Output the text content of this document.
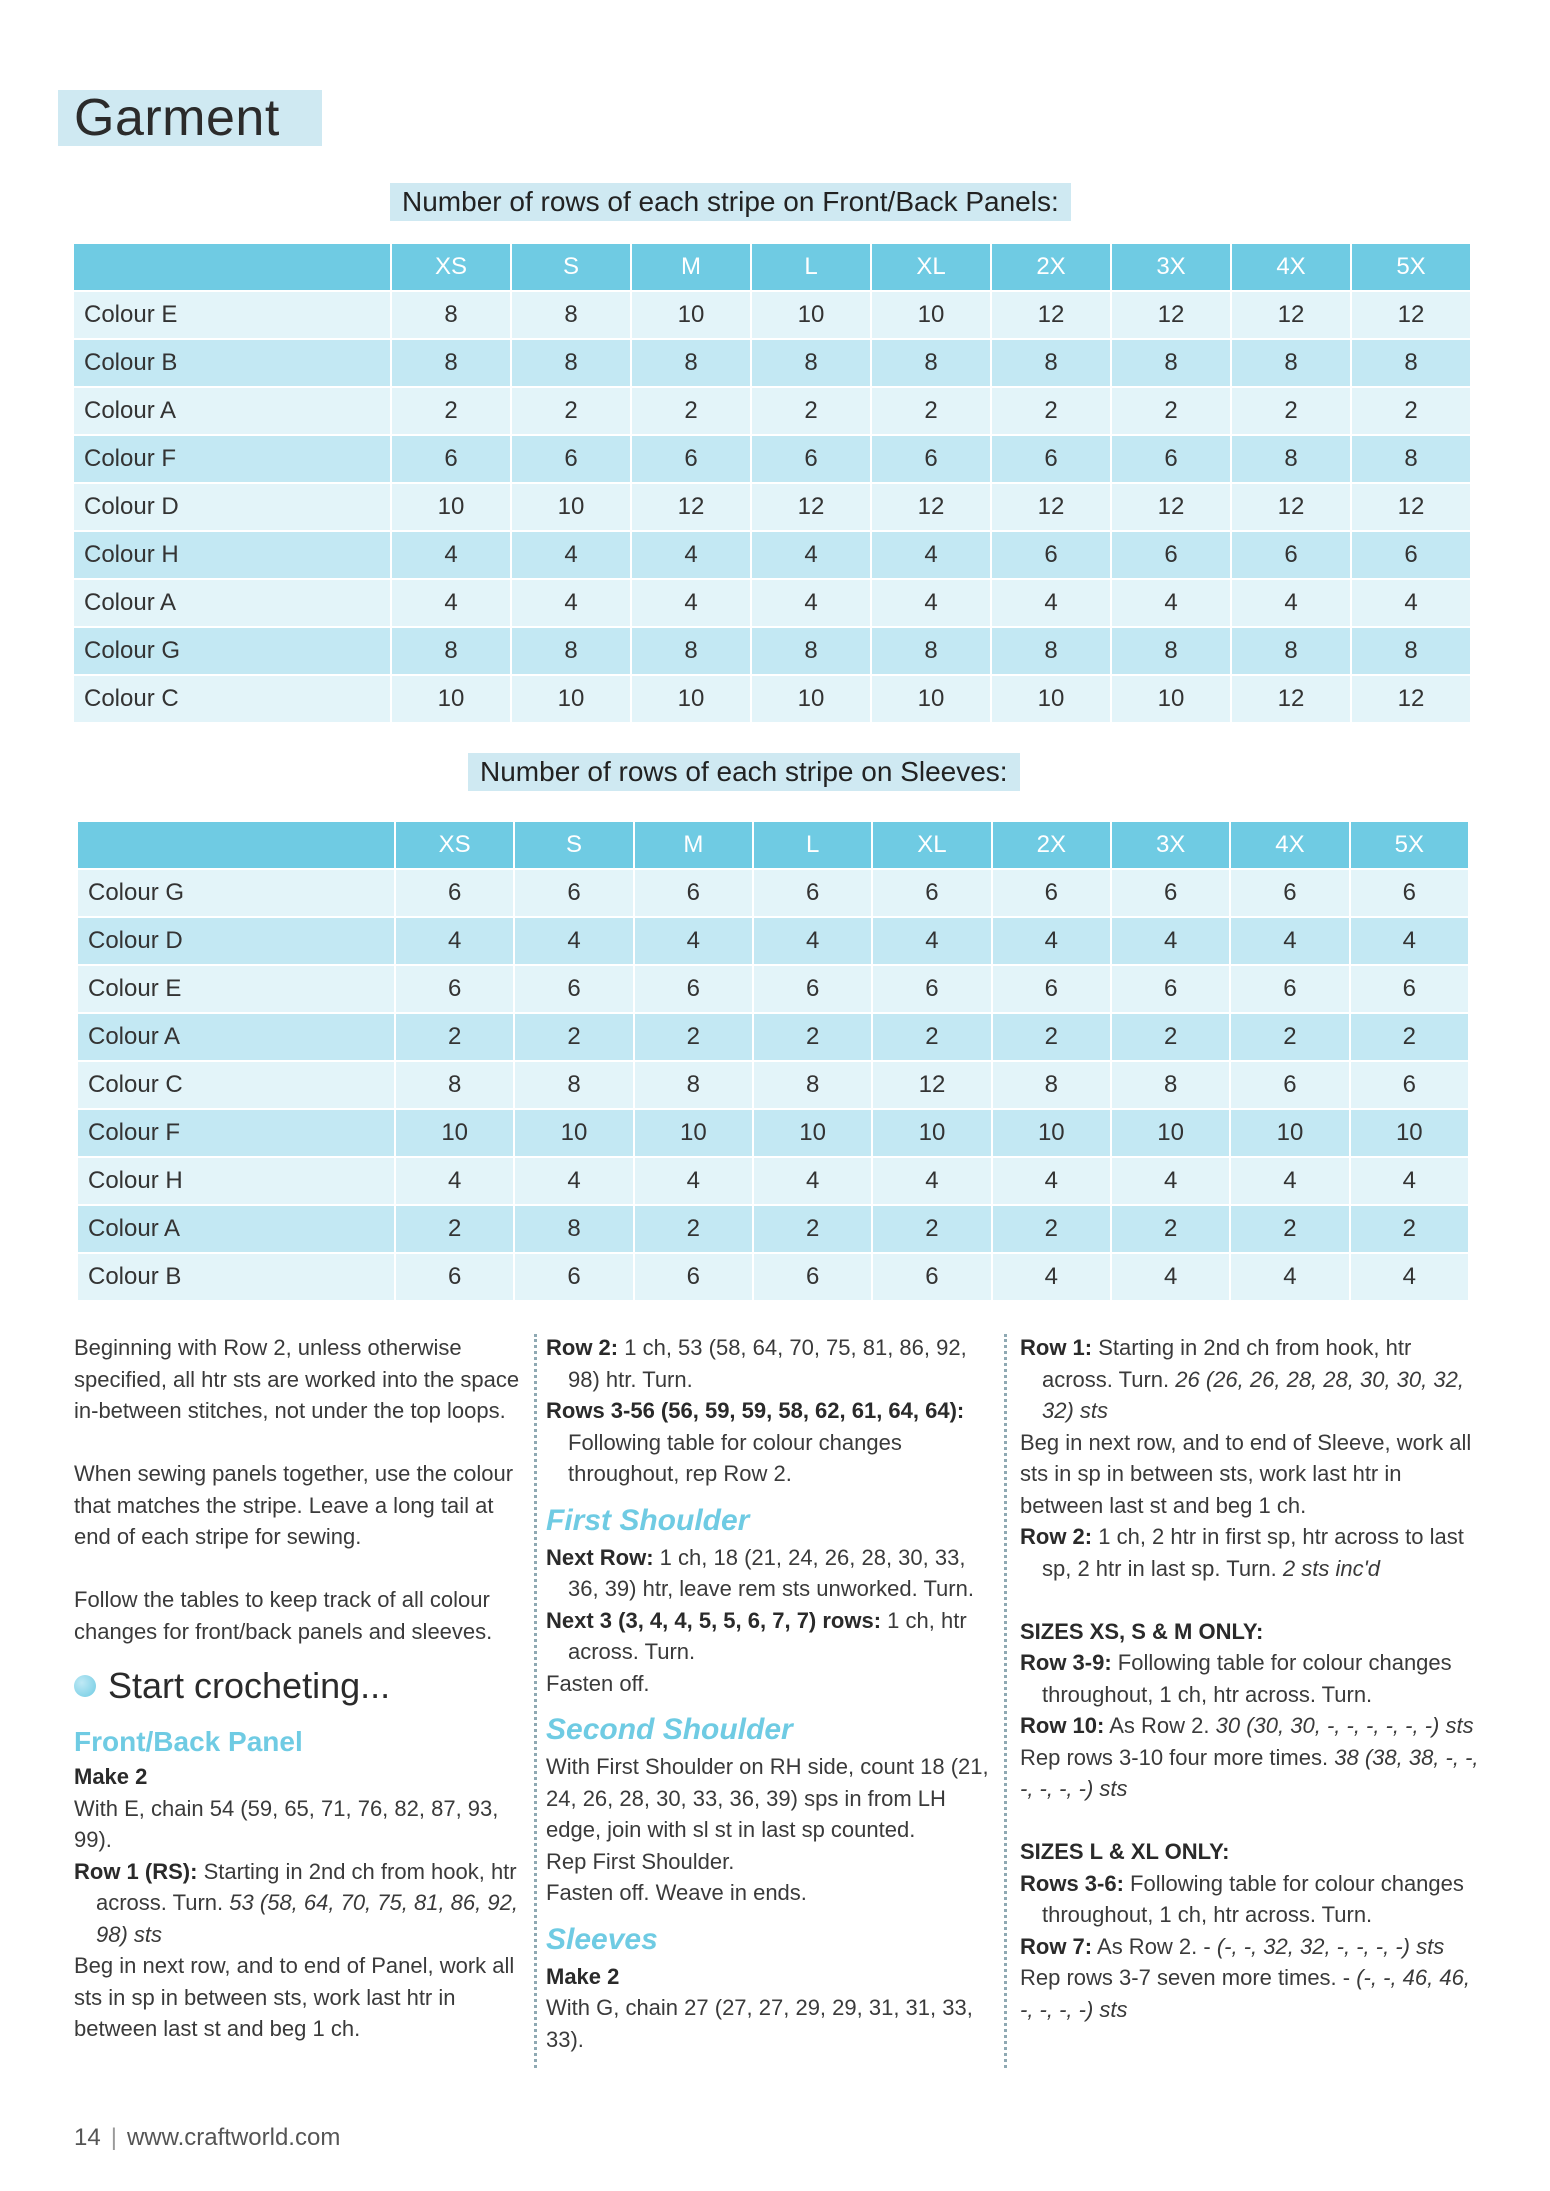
Garment
Number of rows of each stripe on Front/Back Panels:
	XS	S	M	L	XL	2X	3X	4X	5X
Colour E	8	8	10	10	10	12	12	12	12
Colour B	8	8	8	8	8	8	8	8	8
Colour A	2	2	2	2	2	2	2	2	2
Colour F	6	6	6	6	6	6	6	8	8
Colour D	10	10	12	12	12	12	12	12	12
Colour H	4	4	4	4	4	6	6	6	6
Colour A	4	4	4	4	4	4	4	4	4
Colour G	8	8	8	8	8	8	8	8	8
Colour C	10	10	10	10	10	10	10	12	12
Number of rows of each stripe on Sleeves:
	XS	S	M	L	XL	2X	3X	4X	5X
Colour G	6	6	6	6	6	6	6	6	6
Colour D	4	4	4	4	4	4	4	4	4
Colour E	6	6	6	6	6	6	6	6	6
Colour A	2	2	2	2	2	2	2	2	2
Colour C	8	8	8	8	12	8	8	6	6
Colour F	10	10	10	10	10	10	10	10	10
Colour H	4	4	4	4	4	4	4	4	4
Colour A	2	8	2	2	2	2	2	2	2
Colour B	6	6	6	6	6	4	4	4	4

Beginning with Row 2, unless otherwise specified, all htr sts are worked into the space in-between stitches, not under the top loops.

When sewing panels together, use the colour that matches the stripe. Leave a long tail at end of each stripe for sewing.

Follow the tables to keep track of all colour changes for front/back panels and sleeves.

Start crocheting...
Front/Back Panel

Make 2

With E, chain 54 (59, 65, 71, 76, 82, 87, 93, 99).

Row 1 (RS): Starting in 2nd ch from hook, htr across. Turn. 53 (58, 64, 70, 75, 81, 86, 92, 98) sts

Beg in next row, and to end of Panel, work all sts in sp in between sts, work last htr in between last st and beg 1 ch.

Row 2: 1 ch, 53 (58, 64, 70, 75, 81, 86, 92, 98) htr. Turn.

Rows 3-56 (56, 59, 59, 58, 62, 61, 64, 64): Following table for colour changes throughout, rep Row 2.

First Shoulder

Next Row: 1 ch, 18 (21, 24, 26, 28, 30, 33, 36, 39) htr, leave rem sts unworked. Turn.

Next 3 (3, 4, 4, 5, 5, 6, 7, 7) rows: 1 ch, htr across. Turn.

Fasten off.

Second Shoulder

With First Shoulder on RH side, count 18 (21, 24, 26, 28, 30, 33, 36, 39) sps in from LH edge, join with sl st in last sp counted.

Rep First Shoulder.

Fasten off. Weave in ends.

Sleeves

Make 2

With G, chain 27 (27, 27, 29, 29, 31, 31, 33, 33).

Row 1: Starting in 2nd ch from hook, htr across. Turn. 26 (26, 26, 28, 28, 30, 30, 32, 32) sts

Beg in next row, and to end of Sleeve, work all sts in sp in between sts, work last htr in between last st and beg 1 ch.

Row 2: 1 ch, 2 htr in first sp, htr across to last sp, 2 htr in last sp. Turn. 2 sts inc'd

SIZES XS, S & M ONLY:

Row 3-9: Following table for colour changes throughout, 1 ch, htr across. Turn.

Row 10: As Row 2. 30 (30, 30, -, -, -, -, -, -) sts

Rep rows 3-10 four more times. 38 (38, 38, -, -, -, -, -, -) sts

SIZES L & XL ONLY:

Rows 3-6: Following table for colour changes throughout, 1 ch, htr across. Turn.

Row 7: As Row 2. - (-, -, 32, 32, -, -, -, -) sts

Rep rows 3-7 seven more times. - (-, -, 46, 46, -, -, -, -) sts

14 | www.craftworld.com
